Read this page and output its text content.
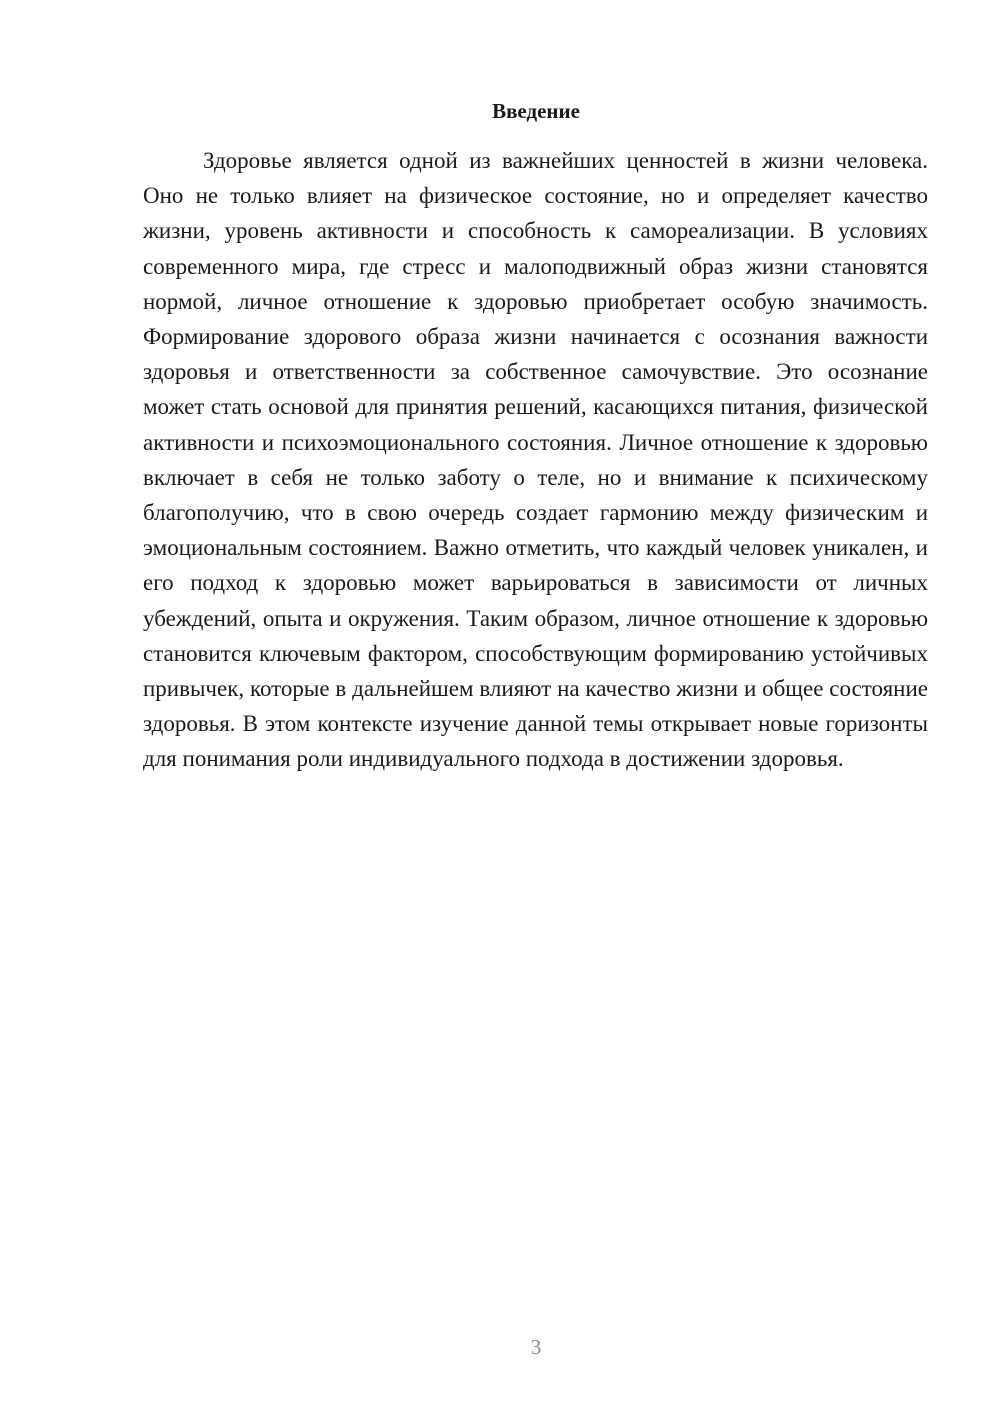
Введение

Здоровье является одной из важнейших ценностей в жизни человека. Оно не только влияет на физическое состояние, но и определяет качество жизни, уровень активности и способность к самореализации. В условиях современного мира, где стресс и малоподвижный образ жизни становятся нормой, личное отношение к здоровью приобретает особую значимость. Формирование здорового образа жизни начинается с осознания важности здоровья и ответственности за собственное самочувствие. Это осознание может стать основой для принятия решений, касающихся питания, физической активности и психоэмоционального состояния. Личное отношение к здоровью включает в себя не только заботу о теле, но и внимание к психическому благополучию, что в свою очередь создает гармонию между физическим и эмоциональным состоянием. Важно отметить, что каждый человек уникален, и его подход к здоровью может варьироваться в зависимости от личных убеждений, опыта и окружения. Таким образом, личное отношение к здоровью становится ключевым фактором, способствующим формированию устойчивых привычек, которые в дальнейшем влияют на качество жизни и общее состояние здоровья. В этом контексте изучение данной темы открывает новые горизонты для понимания роли индивидуального подхода в достижении здоровья.

3
